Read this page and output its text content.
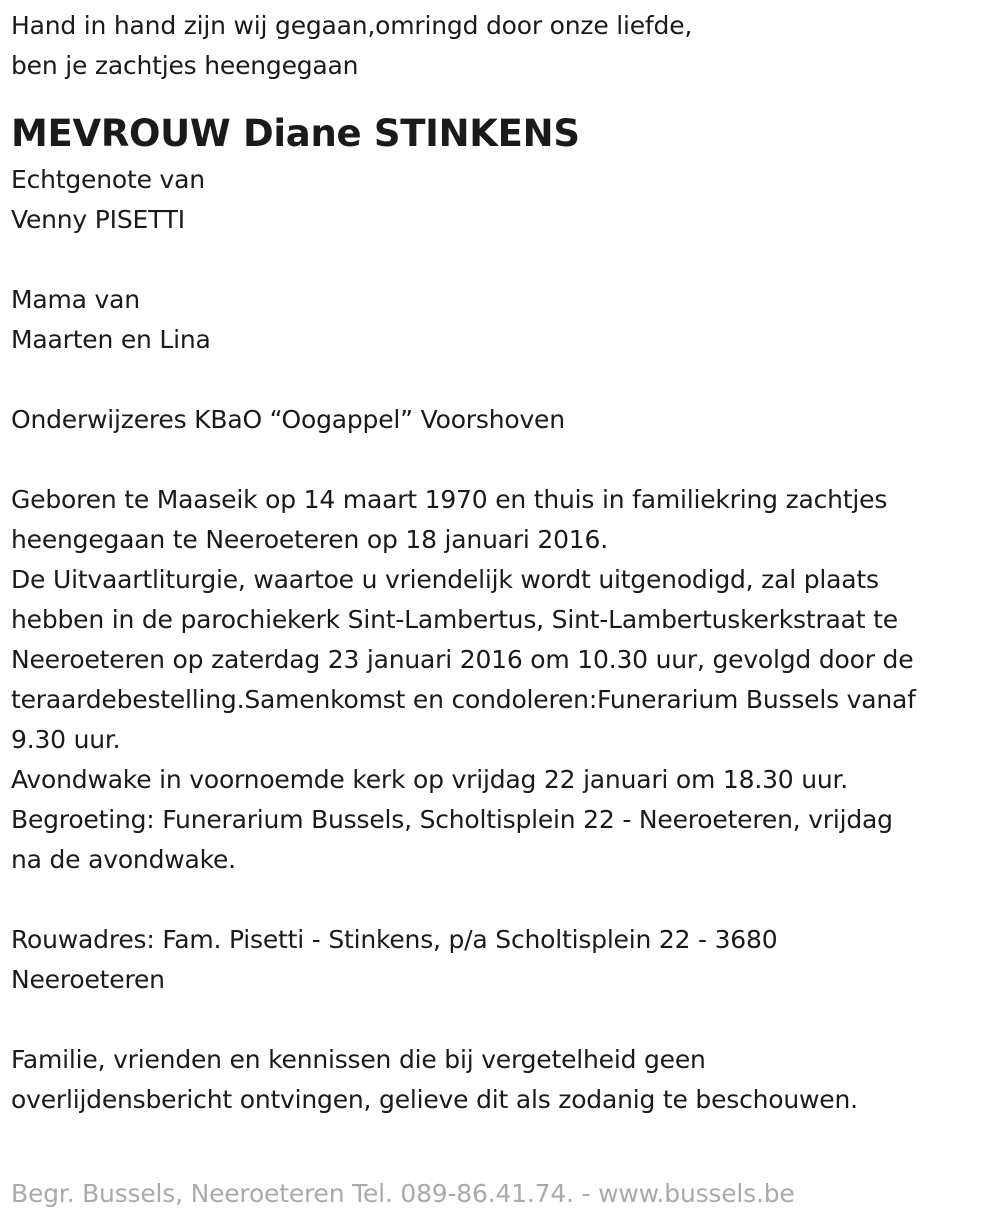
Hand in hand zijn wij gegaan,omringd door onze liefde,
ben je zachtjes heengegaan
MEVROUW Diane STINKENS
Echtgenote van
Venny PISETTI
Mama van
Maarten en Lina
Onderwijzeres KBaO “Oogappel” Voorshoven
Geboren te Maaseik op 14 maart 1970 en thuis in familiekring zachtjes
heengegaan te Neeroeteren op 18 januari 2016.
De Uitvaartliturgie, waartoe u vriendelijk wordt uitgenodigd, zal plaats
hebben in de parochiekerk Sint-Lambertus, Sint-Lambertuskerkstraat te
Neeroeteren op zaterdag 23 januari 2016 om 10.30 uur, gevolgd door de
teraardebestelling.Samenkomst en condoleren:Funerarium Bussels vanaf
9.30 uur.
Avondwake in voornoemde kerk op vrijdag 22 januari om 18.30 uur.
Begroeting: Funerarium Bussels, Scholtisplein 22 - Neeroeteren, vrijdag
na de avondwake.
Rouwadres: Fam. Pisetti - Stinkens, p/a Scholtisplein 22 - 3680
Neeroeteren
Familie, vrienden en kennissen die bij vergetelheid geen
overlijdensbericht ontvingen, gelieve dit als zodanig te beschouwen.
Begr. Bussels, Neeroeteren Tel. 089-86.41.74. - www.bussels.be
